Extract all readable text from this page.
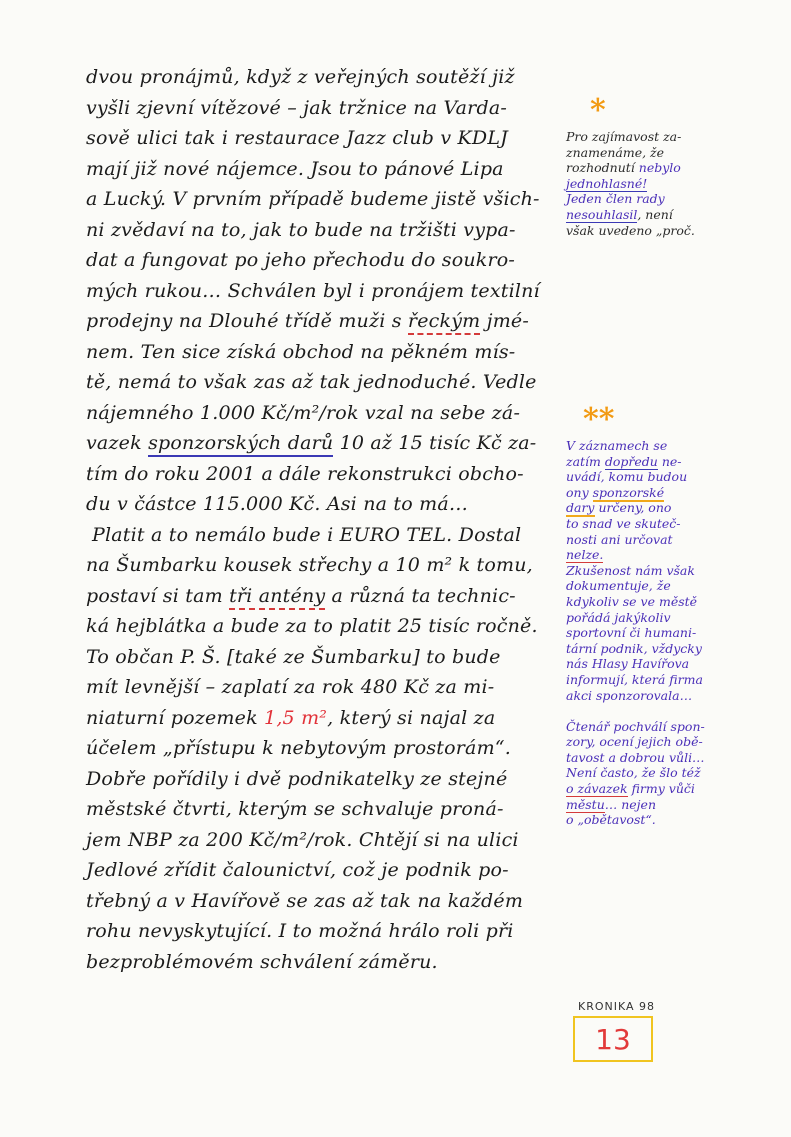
dvou pronájmů, když z veřejných soutěží již
vyšli zjevní vítězové – jak tržnice na Varda-
sově ulici tak i restaurace Jazz club v KDLJ
mají již nové nájemce. Jsou to pánové Lipa
a Lucký. V prvním případě budeme jistě všich-
ni zvědaví na to, jak to bude na tržišti vypa-
dat a fungovat po jeho přechodu do soukro-
mých rukou… Schválen byl i pronájem textilní
prodejny na Dlouhé třídě muži s řeckým jmé-
nem. Ten sice získá obchod na pěkném mís-
tě, nemá to však zas až tak jednoduché. Vedle
nájemného 1.000 Kč/m²/rok vzal na sebe zá-
vazek sponzorských darů 10 až 15 tisíc Kč za-
tím do roku 2001 a dále rekonstrukci obcho-
du v částce 115.000 Kč. Asi na to má…
Platit a to nemálo bude i EURO TEL. Dostal
na Šumbarku kousek střechy a 10 m² k tomu,
postaví si tam tři antény a různá ta technic-
ká hejblátka a bude za to platit 25 tisíc ročně.
To občan P. Š. [také ze Šumbarku] to bude
mít levnější – zaplatí za rok 480 Kč za mi-
niaturní pozemek 1,5 m², který si najal za
účelem „přístupu k nebytovým prostorám“.
Dobře pořídily i dvě podnikatelky ze stejné
městské čtvrti, kterým se schvaluje proná-
jem NBP za 200 Kč/m²/rok. Chtějí si na ulici
Jedlové zřídit čalounictví, což je podnik po-
třebný a v Havířově se zas až tak na každém
rohu nevyskytující. I to možná hrálo roli při
bezproblémovém schválení záměru.
*
Pro zajímavost za-
znamenáme, že
rozhodnutí nebylo
jednohlasné!
Jeden člen rady
nesouhlasil, není
však uvedeno „proč.
**
V záznamech se
zatím dopředu ne-
uvádí, komu budou
ony sponzorské
dary určeny, ono
to snad ve skuteč-
nosti ani určovat
nelze.
Zkušenost nám však
dokumentuje, že
kdykoliv se ve městě
pořádá jakýkoliv
sportovní či humani-
tární podnik, vždycky
nás Hlasy Havířova
informují, která firma
akci sponzorovala…

Čtenář pochválí spon-
zory, ocení jejich obě-
tavost a dobrou vůli…
Není často, že šlo též
o závazek firmy vůči
městu… nejen
o „obětavost“.
KRONIKA 98
13
